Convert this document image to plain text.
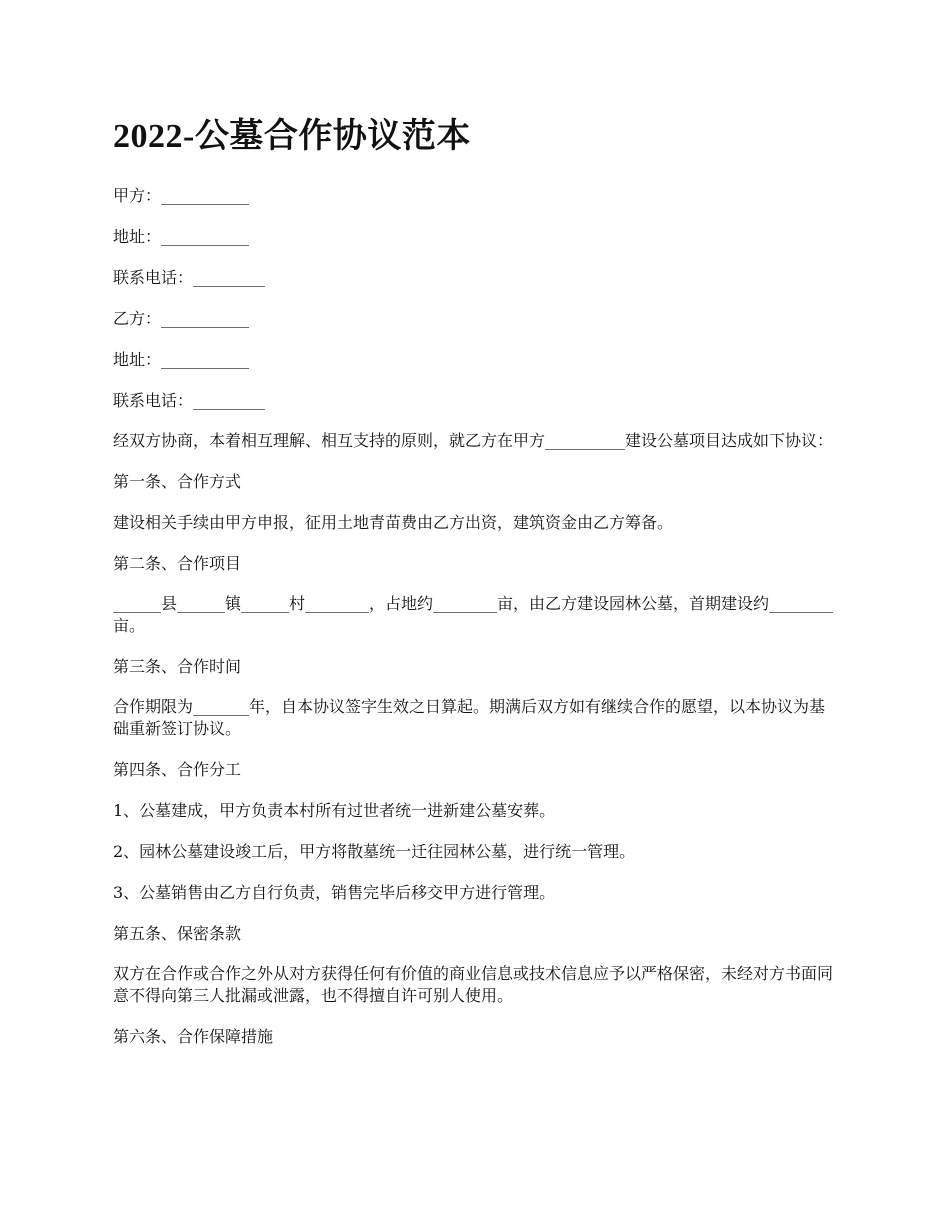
2022-公墓合作协议范本

甲方：___________

地址：___________

联系电话：_________

乙方：___________

地址：___________

联系电话：_________

经双方协商，本着相互理解、相互支持的原则，就乙方在甲方__________建设公墓项目达成如下协议：

第一条、合作方式

建设相关手续由甲方申报，征用土地青苗费由乙方出资，建筑资金由乙方筹备。

第二条、合作项目

______县______镇______村________，占地约________亩，由乙方建设园林公墓，首期建设约________亩。

第三条、合作时间

合作期限为_______年，自本协议签字生效之日算起。期满后双方如有继续合作的愿望，以本协议为基础重新签订协议。

第四条、合作分工

1、公墓建成，甲方负责本村所有过世者统一进新建公墓安葬。

2、园林公墓建设竣工后，甲方将散墓统一迁往园林公墓，进行统一管理。

3、公墓销售由乙方自行负责，销售完毕后移交甲方进行管理。

第五条、保密条款

双方在合作或合作之外从对方获得任何有价值的商业信息或技术信息应予以严格保密，未经对方书面同意不得向第三人批漏或泄露，也不得擅自许可别人使用。

第六条、合作保障措施
